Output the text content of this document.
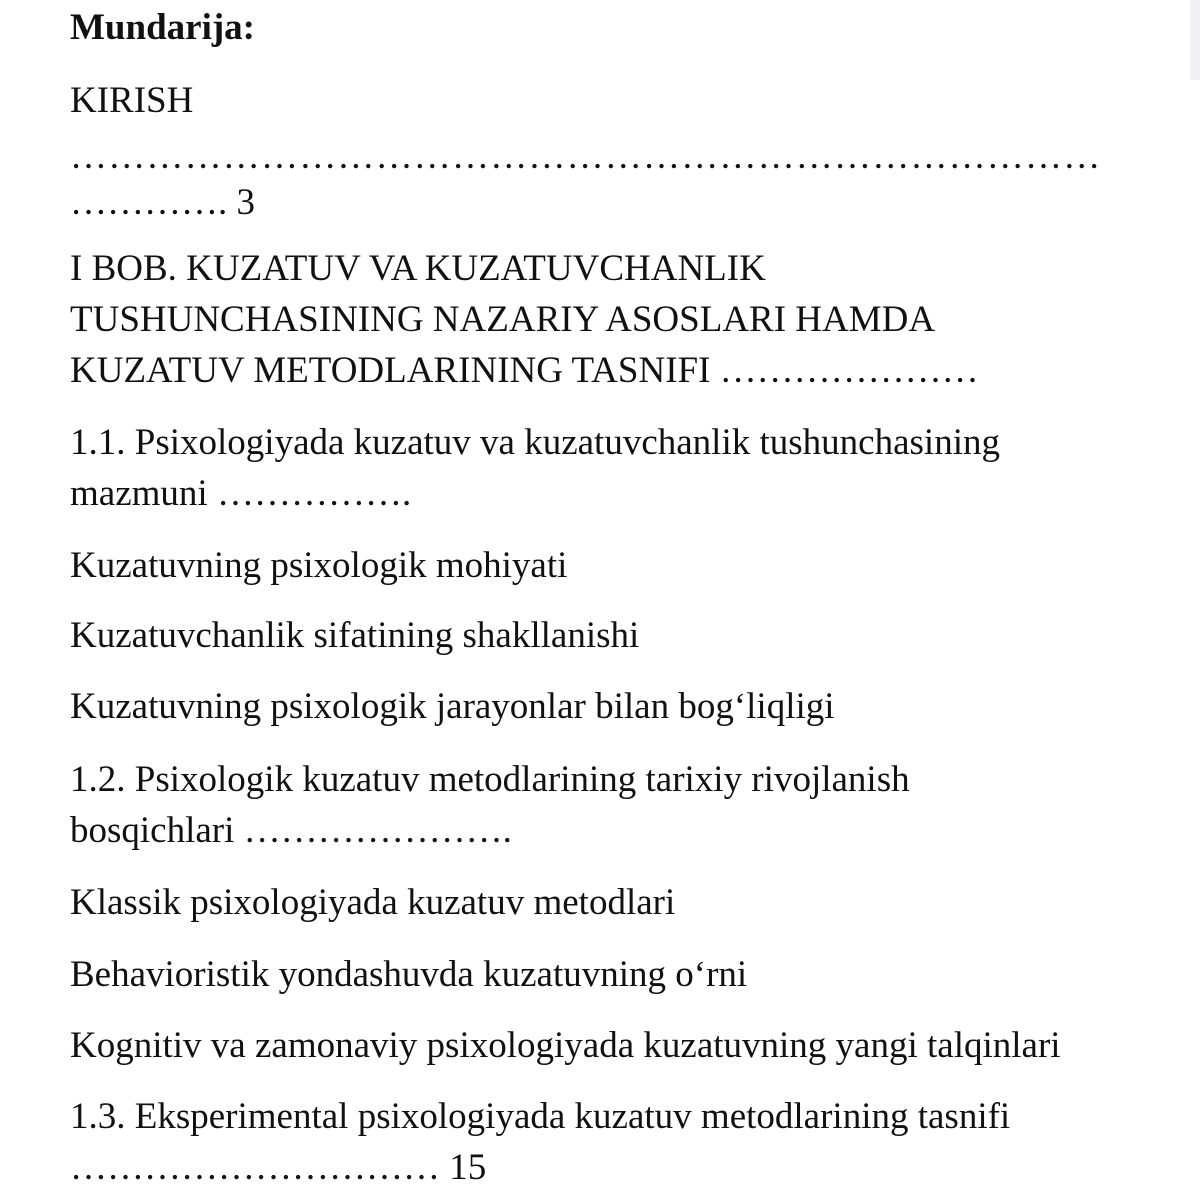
Mundarija:
KIRISH
………………………………………………………………………
…………. 3
I BOB. KUZATUV VA KUZATUVCHANLIK
TUSHUNCHASINING NAZARIY ASOSLARI HAMDA
KUZATUV METODLARINING TASNIFI …………………
1.1. Psixologiyada kuzatuv va kuzatuvchanlik tushunchasining
mazmuni …………….
Kuzatuvning psixologik mohiyati
Kuzatuvchanlik sifatining shakllanishi
Kuzatuvning psixologik jarayonlar bilan bog‘liqligi
1.2. Psixologik kuzatuv metodlarining tarixiy rivojlanish
bosqichlari ………………….
Klassik psixologiyada kuzatuv metodlari
Behavioristik yondashuvda kuzatuvning o‘rni
Kognitiv va zamonaviy psixologiyada kuzatuvning yangi talqinlari
1.3. Eksperimental psixologiyada kuzatuv metodlarining tasnifi
………………………… 15
